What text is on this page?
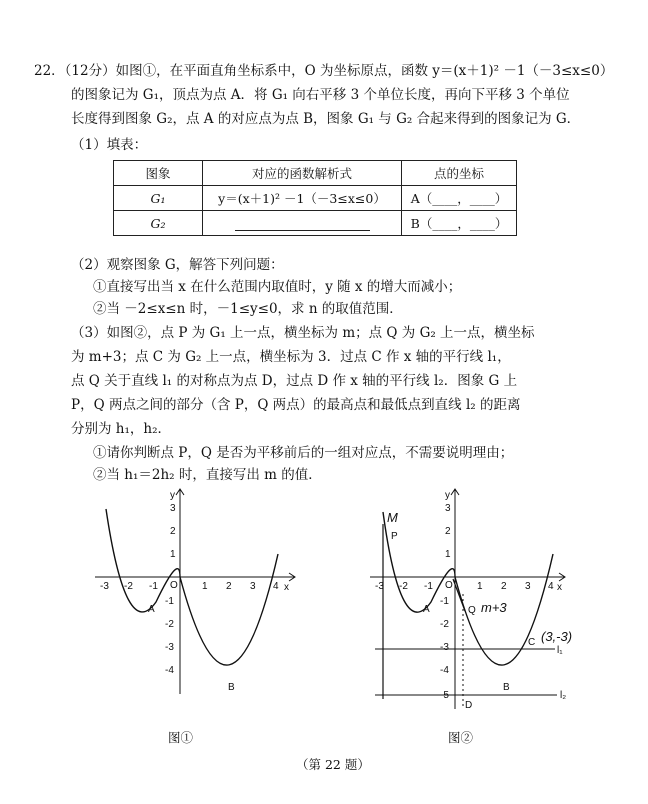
22．（12分）如图①，在平面直角坐标系中，O 为坐标原点，函数 y＝(x＋1)² －1（－3≤x≤0）
的图象记为 G₁，顶点为点 A．将 G₁ 向右平移 3 个单位长度，再向下平移 3 个单位
长度得到图象 G₂，点 A 的对应点为点 B，图象 G₁ 与 G₂ 合起来得到的图象记为 G．
（1）填表：
图象	对应的函数解析式	点的坐标
G₁	y＝(x＋1)² －1（－3≤x≤0）	A（____，____）
G₂		B（____，____）
（2）观察图象 G，解答下列问题：
①直接写出当 x 在什么范围内取值时，y 随 x 的增大而减小；
②当 －2≤x≤n 时，－1≤y≤0，求 n 的取值范围．
（3）如图②，点 P 为 G₁ 上一点，横坐标为 m；点 Q 为 G₂ 上一点，横坐标
为 m+3；点 C 为 G₂ 上一点，横坐标为 3．过点 C 作 x 轴的平行线 l₁，
点 Q 关于直线 l₁ 的对称点为点 D，过点 D 作 x 轴的平行线 l₂．图象 G 上
P，Q 两点之间的部分（含 P，Q 两点）的最高点和最低点到直线 l₂ 的距离
分别为 h₁，h₂．
①请你判断点 P，Q 是否为平移前后的一组对应点，不需要说明理由；
②当 h₁＝2h₂ 时，直接写出 m 的值．
x
y
O
-3 -2 -1	1 2 3 4
3
2
1
-1
-2
-3
-4
A
B
图①
x
y
O
-3 -2 -1	1 2 3 4
3
2
1
-1
-2
-3
-4
-5
A
B
C
P
Q
D
l₁
l₂
M
m+3
(3,-3)
图②
（第 22 题）
